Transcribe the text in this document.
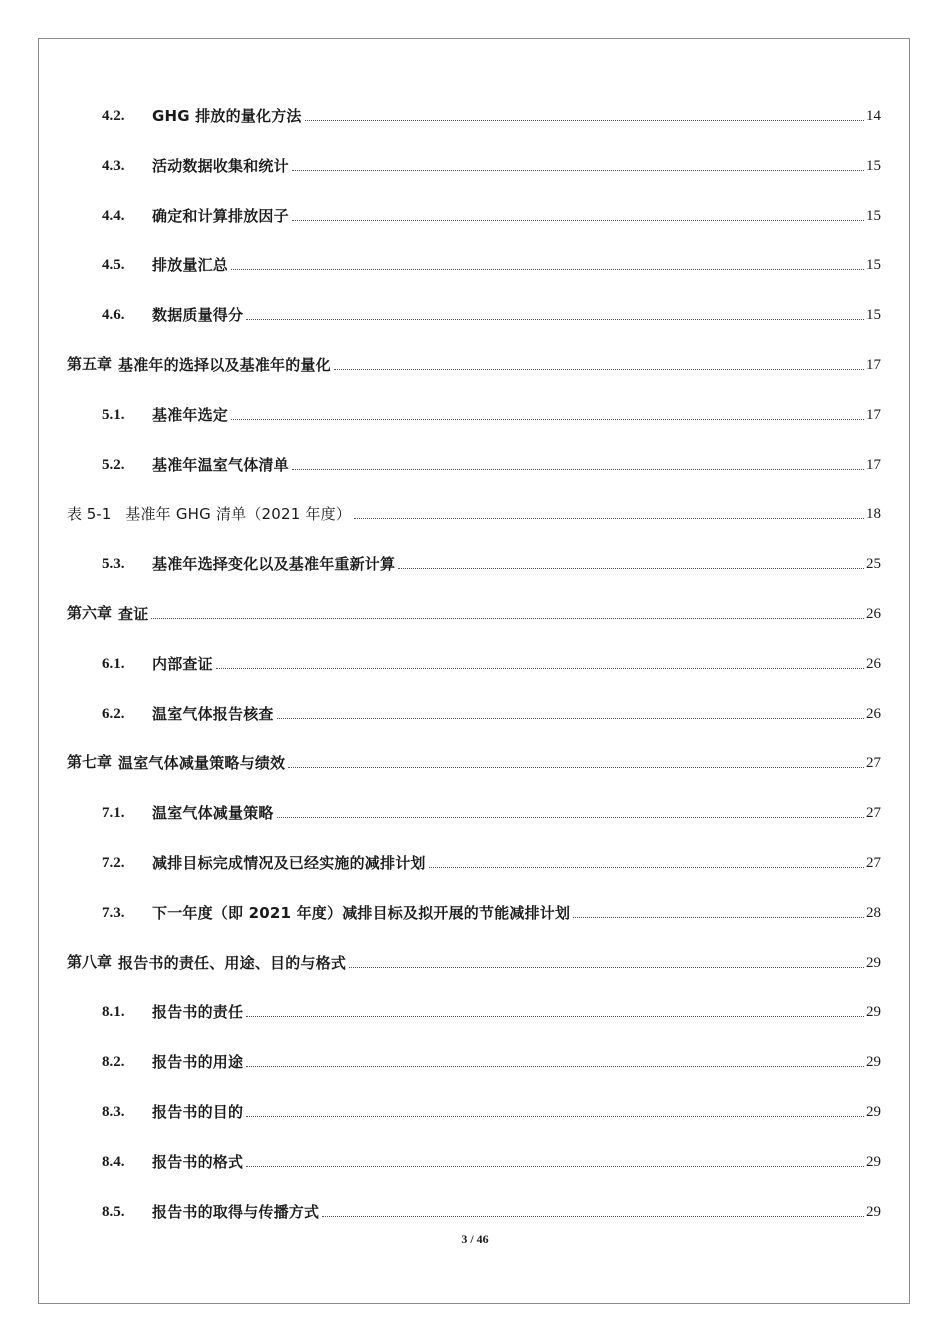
4.2.	GHG 排放的量化方法	14
4.3.	活动数据收集和统计	15
4.4.	确定和计算排放因子	15
4.5.	排放量汇总	15
4.6.	数据质量得分	15
第五章 基准年的选择以及基准年的量化	17
5.1.	基准年选定	17
5.2.	基准年温室气体清单	17
表 5-1 基准年 GHG 清单（2021 年度）	18
5.3.	基准年选择变化以及基准年重新计算	25
第六章 查证	26
6.1.	内部查证	26
6.2.	温室气体报告核查	26
第七章 温室气体减量策略与绩效	27
7.1.	温室气体减量策略	27
7.2.	减排目标完成情况及已经实施的减排计划	27
7.3.	下一年度（即 2021 年度）减排目标及拟开展的节能减排计划	28
第八章 报告书的责任、用途、目的与格式	29
8.1.	报告书的责任	29
8.2.	报告书的用途	29
8.3.	报告书的目的	29
8.4.	报告书的格式	29
8.5.	报告书的取得与传播方式	29
3 / 46
